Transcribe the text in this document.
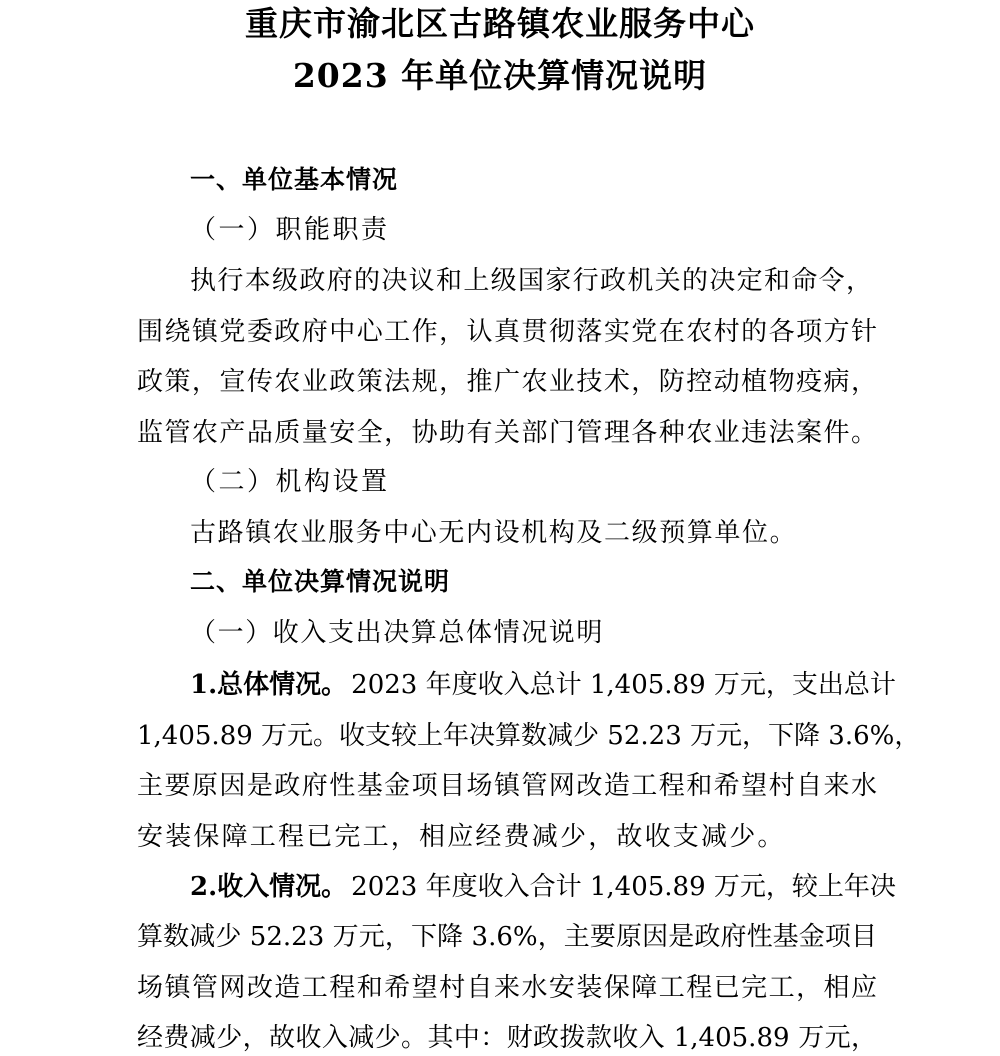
重庆市渝北区古路镇农业服务中心
2023 年单位决算情况说明
一、单位基本情况
（一）职能职责
执行本级政府的决议和上级国家行政机关的决定和命令，
围绕镇党委政府中心工作，认真贯彻落实党在农村的各项方针
政策，宣传农业政策法规，推广农业技术，防控动植物疫病，
监管农产品质量安全，协助有关部门管理各种农业违法案件。
（二）机构设置
古路镇农业服务中心无内设机构及二级预算单位。
二、单位决算情况说明
（一）收入支出决算总体情况说明
1.总体情况。 2023 年度收入总计 1,405.89 万元，支出总计
1,405.89 万元。收支较上年决算数减少 52.23 万元，下降 3.6%，
主要原因是政府性基金项目场镇管网改造工程和希望村自来水
安装保障工程已完工，相应经费减少，故收支减少。
2.收入情况。 2023 年度收入合计 1,405.89 万元，较上年决
算数减少 52.23 万元，下降 3.6%，主要原因是政府性基金项目
场镇管网改造工程和希望村自来水安装保障工程已完工，相应
经费减少，故收入减少。其中：财政拨款收入 1,405.89 万元，
